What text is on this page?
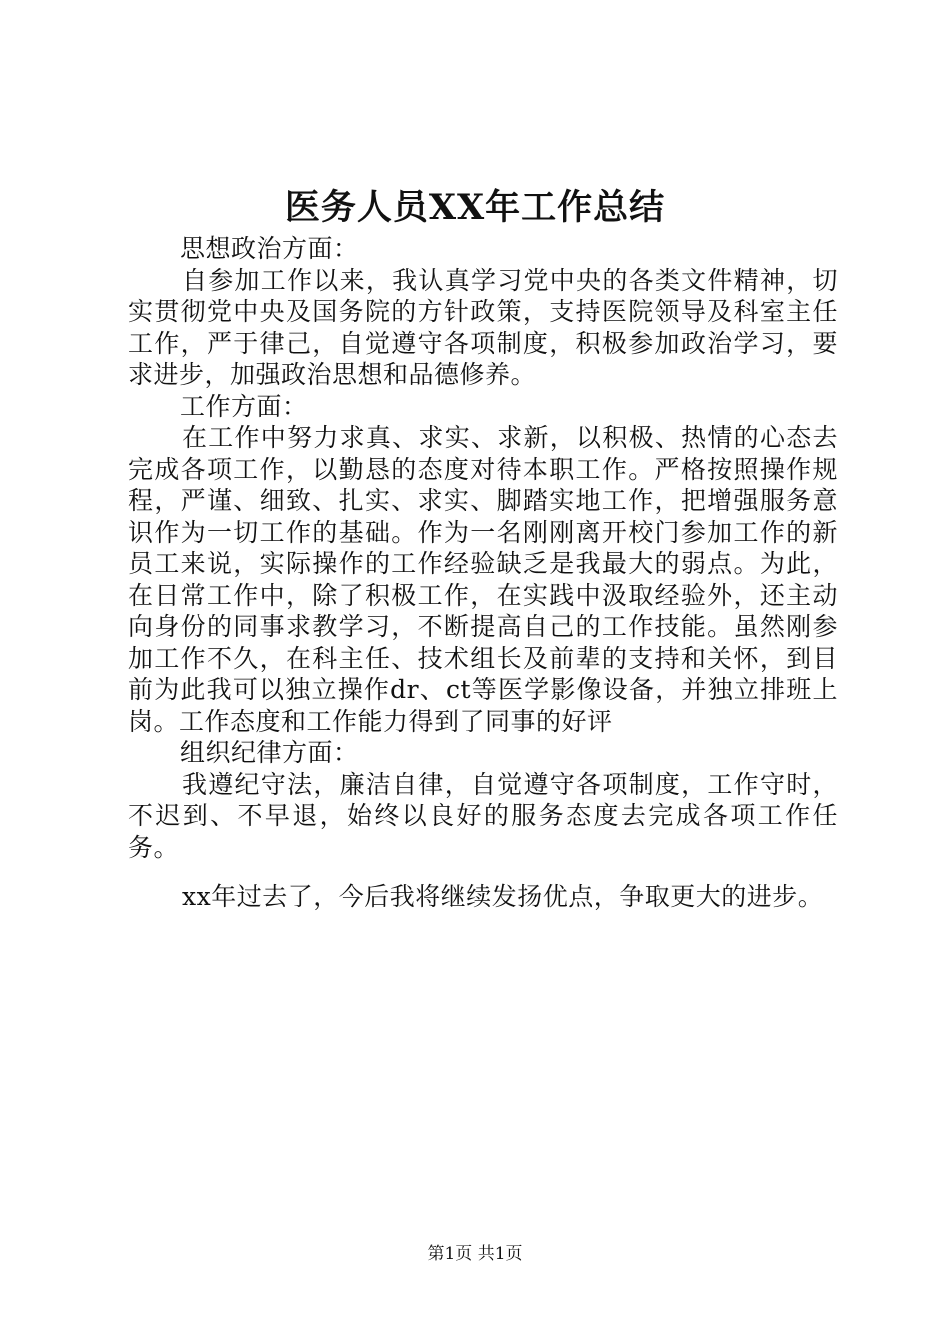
医务人员XX年工作总结

思想政治方面：

自参加工作以来，我认真学习党中央的各类文件精神，切实贯彻党中央及国务院的方针政策，支持医院领导及科室主任工作，严于律己，自觉遵守各项制度，积极参加政治学习，要求进步，加强政治思想和品德修养。

工作方面：

在工作中努力求真、求实、求新，以积极、热情的心态去完成各项工作，以勤恳的态度对待本职工作。严格按照操作规程，严谨、细致、扎实、求实、脚踏实地工作，把增强服务意识作为一切工作的基础。作为一名刚刚离开校门参加工作的新员工来说，实际操作的工作经验缺乏是我最大的弱点。为此，在日常工作中，除了积极工作，在实践中汲取经验外，还主动向身份的同事求教学习，不断提高自己的工作技能。虽然刚参加工作不久，在科主任、技术组长及前辈的支持和关怀，到目前为此我可以独立操作dr、ct等医学影像设备，并独立排班上岗。工作态度和工作能力得到了同事的好评

组织纪律方面：

我遵纪守法，廉洁自律，自觉遵守各项制度，工作守时，不迟到、不早退，始终以良好的服务态度去完成各项工作任务。

xx年过去了，今后我将继续发扬优点，争取更大的进步。

第1页 共1页
